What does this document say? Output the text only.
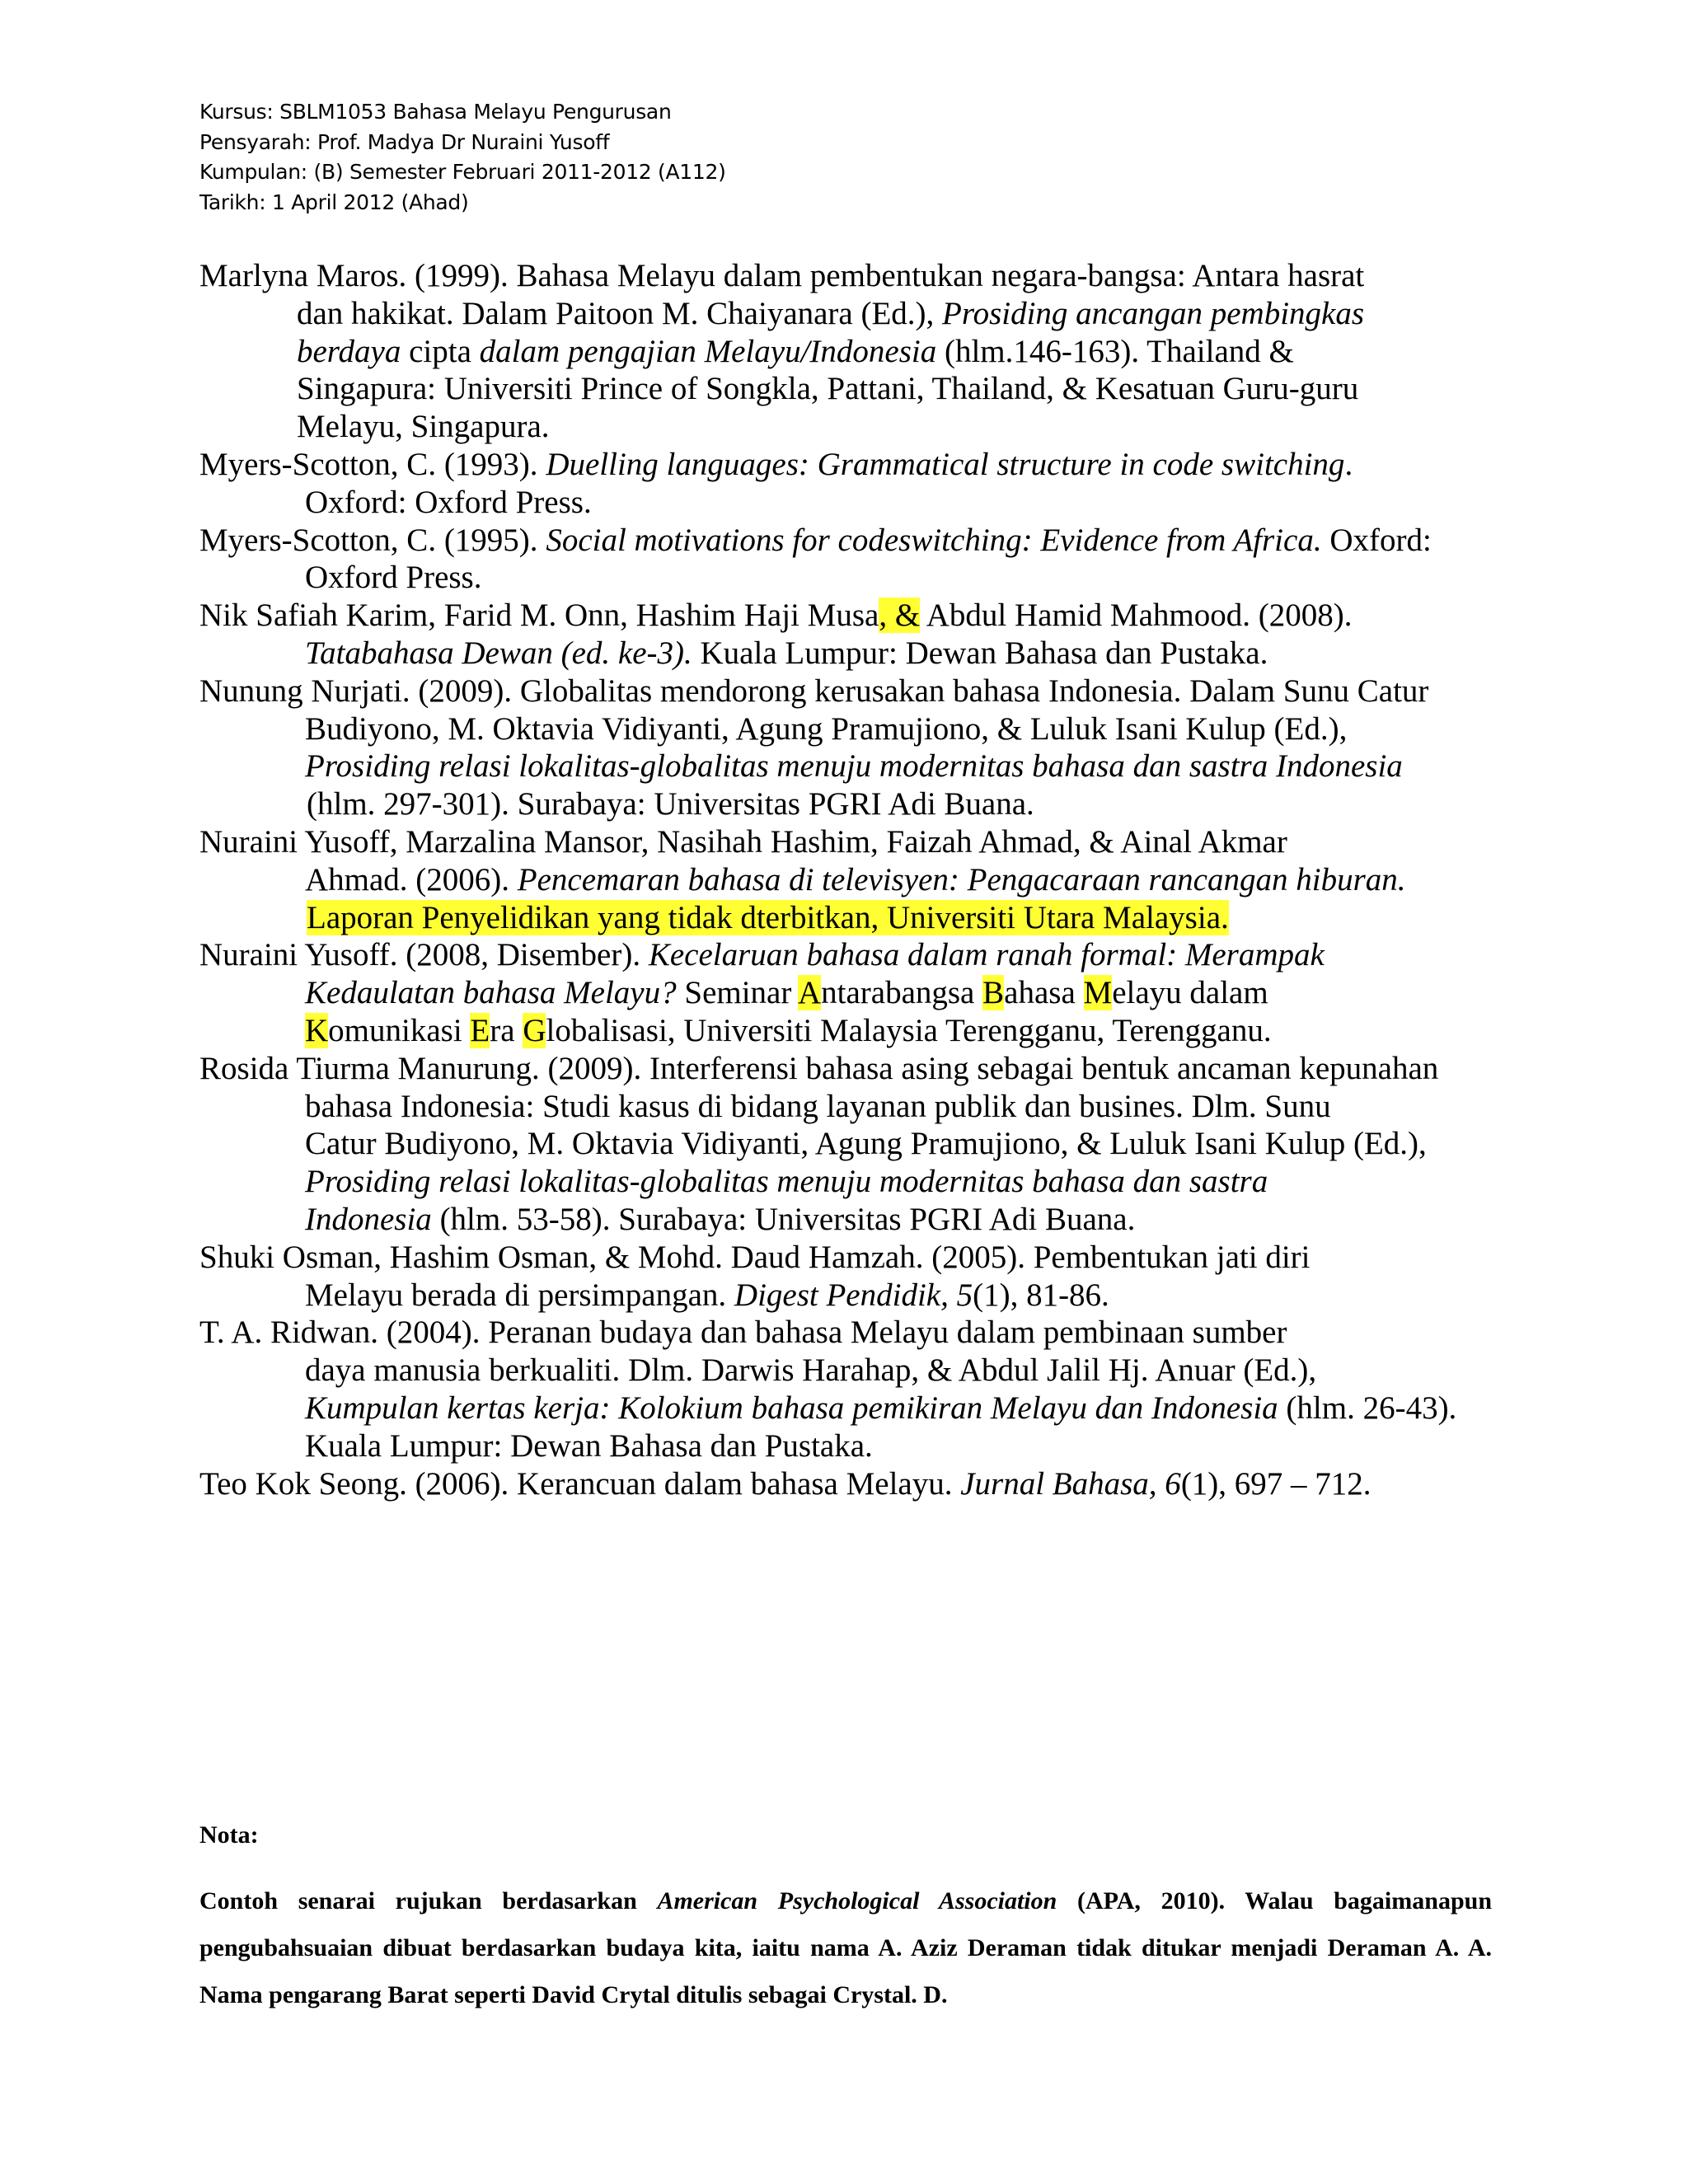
Kursus: SBLM1053 Bahasa Melayu Pengurusan
Pensyarah: Prof. Madya Dr Nuraini Yusoff
Kumpulan: (B) Semester Februari 2011-2012 (A112)
Tarikh: 1 April 2012 (Ahad)
Marlyna Maros. (1999). Bahasa Melayu dalam pembentukan negara-bangsa: Antara hasrat
dan hakikat. Dalam Paitoon M. Chaiyanara (Ed.), Prosiding ancangan pembingkas
berdaya cipta dalam pengajian Melayu/Indonesia (hlm.146-163). Thailand &
Singapura: Universiti Prince of Songkla, Pattani, Thailand, & Kesatuan Guru-guru
Melayu, Singapura.
Myers-Scotton, C. (1993). Duelling languages: Grammatical structure in code switching.
Oxford: Oxford Press.
Myers-Scotton, C. (1995). Social motivations for codeswitching: Evidence from Africa. Oxford:
Oxford Press.
Nik Safiah Karim, Farid M. Onn, Hashim Haji Musa, & Abdul Hamid Mahmood. (2008).
Tatabahasa Dewan (ed. ke-3). Kuala Lumpur: Dewan Bahasa dan Pustaka.
Nunung Nurjati. (2009). Globalitas mendorong kerusakan bahasa Indonesia. Dalam Sunu Catur
Budiyono, M. Oktavia Vidiyanti, Agung Pramujiono, & Luluk Isani Kulup (Ed.),
Prosiding relasi lokalitas-globalitas menuju modernitas bahasa dan sastra Indonesia
(hlm. 297-301). Surabaya: Universitas PGRI Adi Buana.
Nuraini Yusoff, Marzalina Mansor, Nasihah Hashim, Faizah Ahmad, & Ainal Akmar
Ahmad. (2006). Pencemaran bahasa di televisyen: Pengacaraan rancangan hiburan.
Laporan Penyelidikan yang tidak dterbitkan, Universiti Utara Malaysia.
Nuraini Yusoff. (2008, Disember). Kecelaruan bahasa dalam ranah formal: Merampak
Kedaulatan bahasa Melayu? Seminar Antarabangsa Bahasa Melayu dalam
Komunikasi Era Globalisasi, Universiti Malaysia Terengganu, Terengganu.
Rosida Tiurma Manurung. (2009). Interferensi bahasa asing sebagai bentuk ancaman kepunahan
bahasa Indonesia: Studi kasus di bidang layanan publik dan busines. Dlm. Sunu
Catur Budiyono, M. Oktavia Vidiyanti, Agung Pramujiono, & Luluk Isani Kulup (Ed.),
Prosiding relasi lokalitas-globalitas menuju modernitas bahasa dan sastra
Indonesia (hlm. 53-58). Surabaya: Universitas PGRI Adi Buana.
Shuki Osman, Hashim Osman, & Mohd. Daud Hamzah. (2005). Pembentukan jati diri
Melayu berada di persimpangan. Digest Pendidik, 5(1), 81-86.
T. A. Ridwan. (2004). Peranan budaya dan bahasa Melayu dalam pembinaan sumber
daya manusia berkualiti. Dlm. Darwis Harahap, & Abdul Jalil Hj. Anuar (Ed.),
Kumpulan kertas kerja: Kolokium bahasa pemikiran Melayu dan Indonesia (hlm. 26-43).
Kuala Lumpur: Dewan Bahasa dan Pustaka.
Teo Kok Seong. (2006). Kerancuan dalam bahasa Melayu. Jurnal Bahasa, 6(1), 697 – 712.
Nota:
Contoh senarai rujukan berdasarkan American Psychological Association (APA, 2010). Walau bagaimanapun pengubahsuaian dibuat berdasarkan budaya kita, iaitu nama A. Aziz Deraman tidak ditukar menjadi Deraman A. A. Nama pengarang Barat seperti David Crytal ditulis sebagai Crystal. D.
